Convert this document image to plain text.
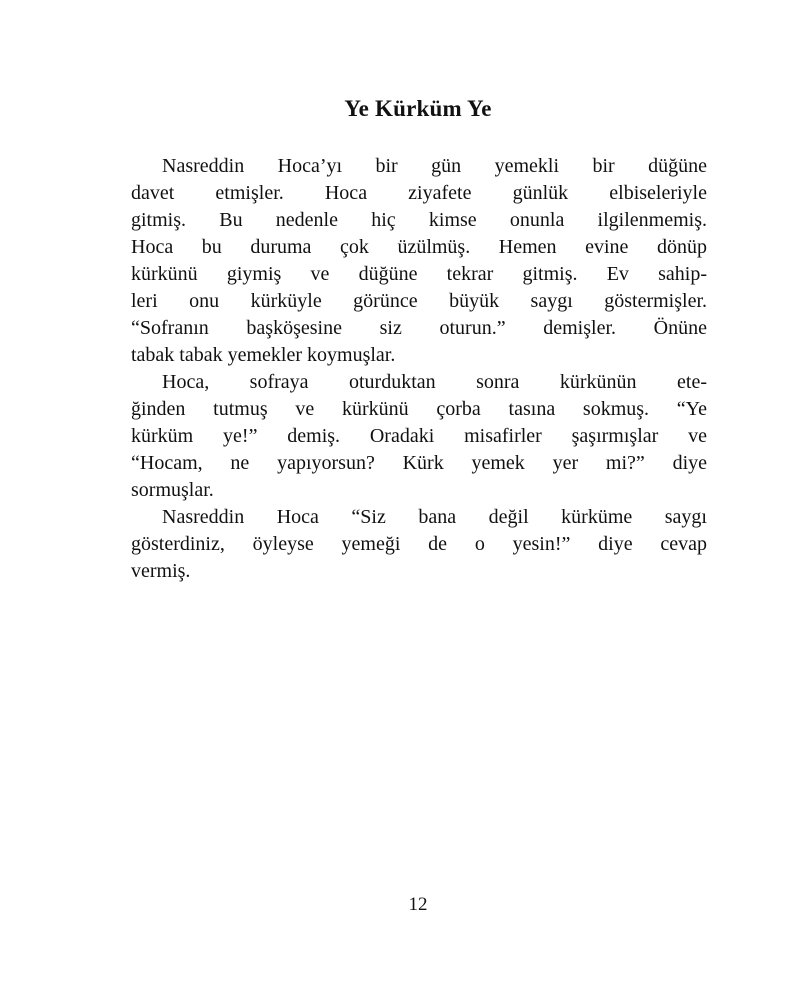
Ye Kürküm Ye
Nasreddin Hoca’yı bir gün yemekli bir düğüne
davet etmişler. Hoca ziyafete günlük elbiseleriyle
gitmiş. Bu nedenle hiç kimse onunla ilgilenmemiş.
Hoca bu duruma çok üzülmüş. Hemen evine dönüp
kürkünü giymiş ve düğüne tekrar gitmiş. Ev sahip-
leri onu kürküyle görünce büyük saygı göstermişler.
“Sofranın başköşesine siz oturun.” demişler. Önüne
tabak tabak yemekler koymuşlar.
Hoca, sofraya oturduktan sonra kürkünün ete-
ğinden tutmuş ve kürkünü çorba tasına sokmuş. “Ye
kürküm ye!” demiş. Oradaki misafirler şaşırmışlar ve
“Hocam, ne yapıyorsun? Kürk yemek yer mi?” diye
sormuşlar.
Nasreddin Hoca “Siz bana değil kürküme saygı
gösterdiniz, öyleyse yemeği de o yesin!” diye cevap
vermiş.
12
